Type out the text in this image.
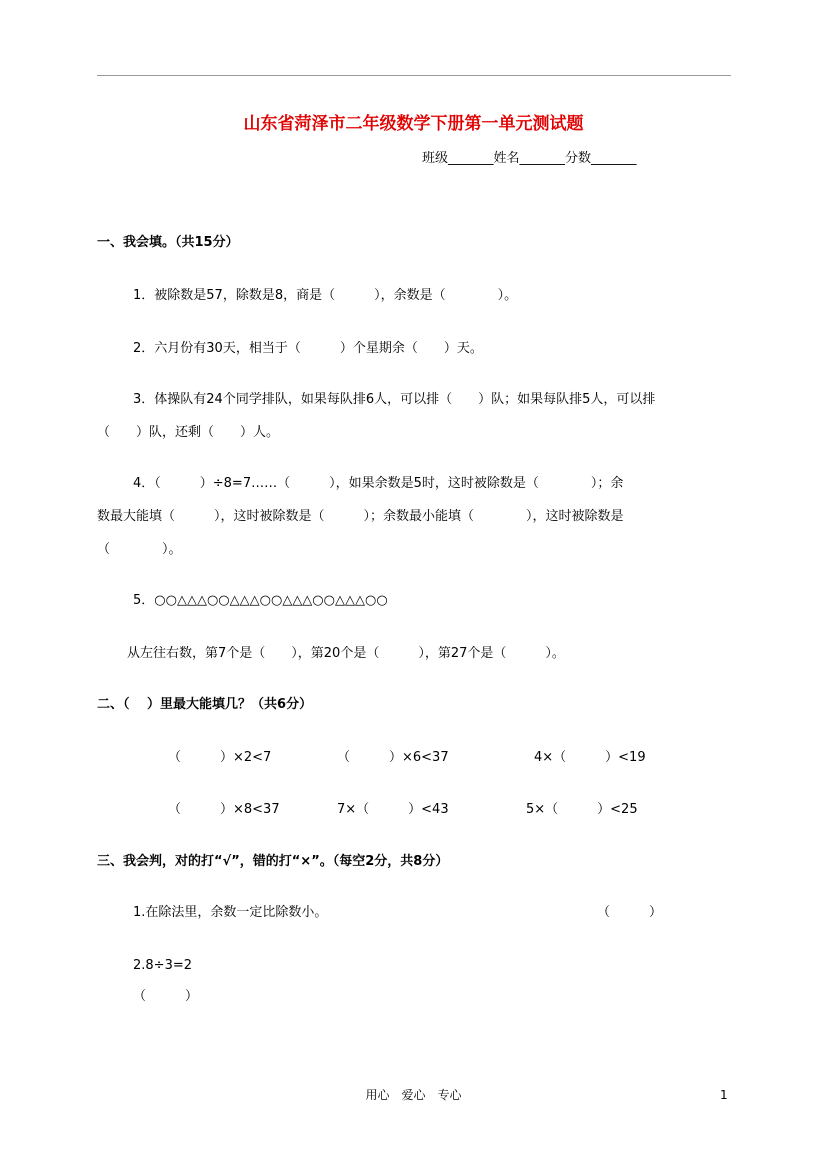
山东省菏泽市二年级数学下册第一单元测试题
班级_______姓名_______分数_______
一、我会填。（共15分）
1．被除数是57，除数是8，商是（　　　），余数是（　　　　）。
2．六月份有30天，相当于（　　　）个星期余（　　）天。
3．体操队有24个同学排队，如果每队排6人，可以排（　　）队；如果每队排5人，可以排
（　　）队，还剩（　　）人。
4．（　　　）÷8=7……（　　　），如果余数是5时，这时被除数是（　　　　）；余
数最大能填（　　　），这时被除数是（　　　）；余数最小能填（　　　　），这时被除数是
（　　　　）。
5．○○△△△○○△△△○○△△△○○△△△○○
从左往右数，第7个是（　　），第20个是（　　　），第27个是（　　　）。
二、（　 ）里最大能填几？（共6分）
（　　　）×2<7	（　　　）×6<37	4×（　　　）<19
（　　　）×8<37	7×（　　　）<43	5×（　　　）<25
三、我会判，对的打“√”，错的打“×”。（每空2分，共8分）
1.在除法里，余数一定比除数小。	（　　　）
2.8÷3=2
（　　　）
用心　爱心　专心	1
